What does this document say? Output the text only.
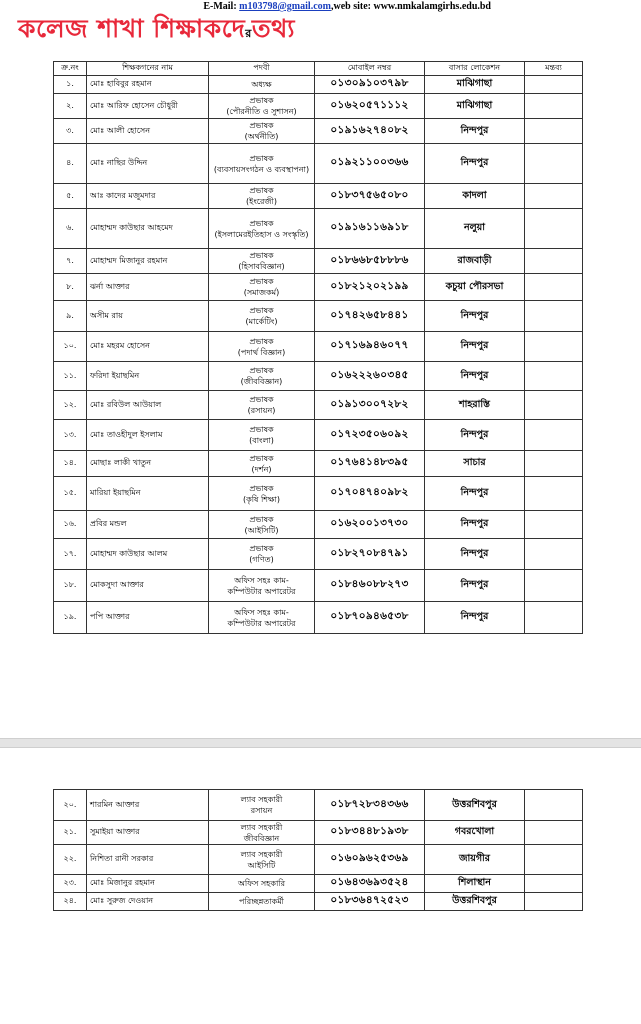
E-Mail: m103798@gmail.com,web site: www.nmkalamgirhs.edu.bd
কলেজ শাখা শিক্ষাকদেরতথ্য
ক্র.নং	শিক্ষকগনের নাম	পদবী	মোবাইল নম্বর	বাসার লোকেশন	মন্তব্য
১.	মোঃ হাবিবুর রহমান	অধ্যক্ষ	০১৩০৯১০৩৭৯৮	মাঝিগাছা	
২.	মোঃ আরিফ হোসেন চৌধুরী	প্রভাষক
(পৌরনীতি ও সুশাসন)	০১৬২০৫৭১১১২	মাঝিগাছা	
৩.	মোঃ আলী হোসেন	প্রভাষক
(অর্থনীতি)	০১৯১৬২৭৪০৮২	নিন্দপুর	
৪.	মোঃ নাছির উদ্দিন	প্রভাষক
(ব্যবসায়সংগঠন ও ব্যবস্থাপনা)	০১৯২১১০০৩৬৬	নিন্দপুর	
৫.	আঃ কাদের মজুমদার	প্রভাষক
(ইংরেজী)	০১৮৩৭৫৬৫০৮০	কাদলা	
৬.	মোহাম্মদ কাউছার আহমেদ	প্রভাষক
(ইসলামেরইতিহাস ও সংস্কৃতি)	০১৯১৬১১৬৯১৮	নলুয়া	
৭.	মোহাম্মদ মিজানুর রহমান	প্রভাষক
(হিসাববিজ্ঞান)	০১৮৬৬৮৫৮৮৮৬	রাজবাড়ী	
৮.	ঝর্না আক্তার	প্রভাষক
(সমাজকর্ম)	০১৮২১২০২১৯৯	কচুয়া পৌরসভা	
৯.	অসীম রায়	প্রভাষক
(মার্কেটিং)	০১৭৪২৬৫৮৪৪১	নিন্দপুর	
১০.	মোঃ মহরম হোসেন	প্রভাষক
(পদার্থ বিজ্ঞান)	০১৭১৬৯৪৬০৭৭	নিন্দপুর	
১১.	ফরিদা ইয়াছমিন	প্রভাষক
(জীববিজ্ঞান)	০১৬২২২৬০৩৪৫	নিন্দপুর	
১২.	মোঃ রবিউল আউয়াল	প্রভাষক
(রসায়ন)	০১৯১৩০০৭২৮২	শাহরাস্তি	
১৩.	মোঃ তাওহীদুল ইসলাম	প্রভাষক
(বাংলা)	০১৭২৩৫০৬০৯২	নিন্দপুর	
১৪.	মোছাঃ লাকী খাতুন	প্রভাষক
(দর্শন)	০১৭৬৪১৪৮৩৯৫	সাচার	
১৫.	মারিয়া ইয়াছমিন	প্রভাষক
(কৃষি শিক্ষা)	০১৭০৪৭৪০৯৮২	নিন্দপুর	
১৬.	প্রবির মন্ডল	প্রভাষক
(আইসিটি)	০১৬২০০১৩৭৩০	নিন্দপুর	
১৭.	মোহাম্মদ কাউছার আলম	প্রভাষক
(গণিত)	০১৮২৭০৮৪৭৯১	নিন্দপুর	
১৮.	মোকসুদা আক্তার	অফিস সহঃ কাম-
কম্পিউটার অপারেটর	০১৮৪৬০৮৮২৭৩	নিন্দপুর	
১৯.	পপি আক্তার	অফিস সহঃ কাম-
কম্পিউটার অপারেটর	০১৮৭০৯৪৬৫৩৮	নিন্দপুর	
২০.	শারমিন আক্তার	ল্যাব সহকারী
রসায়ন	০১৮৭২৮৩৪৩৬৬	উত্তরশিবপুর	
২১.	সুমাইয়া আক্তার	ল্যাব সহকারী
জীববিজ্ঞান	০১৮৩৪৪৮১৯৩৮	গবরখোলা	
২২.	নিশিতা রানী সরকার	ল্যাব সহকারী
আইসিটি	০১৬০৯৬২৫৩৬৯	জায়গীর	
২৩.	মোঃ মিজানুর রহমান	অফিস সহকারি	০১৬৪৩৬৯৩৫২৪	শিলাস্থান	
২৪.	মোঃ সুরুজ দেওয়ান	পরিচ্ছন্নতাকর্মী	০১৮৩৬৪৭২৫২৩	উত্তরশিবপুর	
